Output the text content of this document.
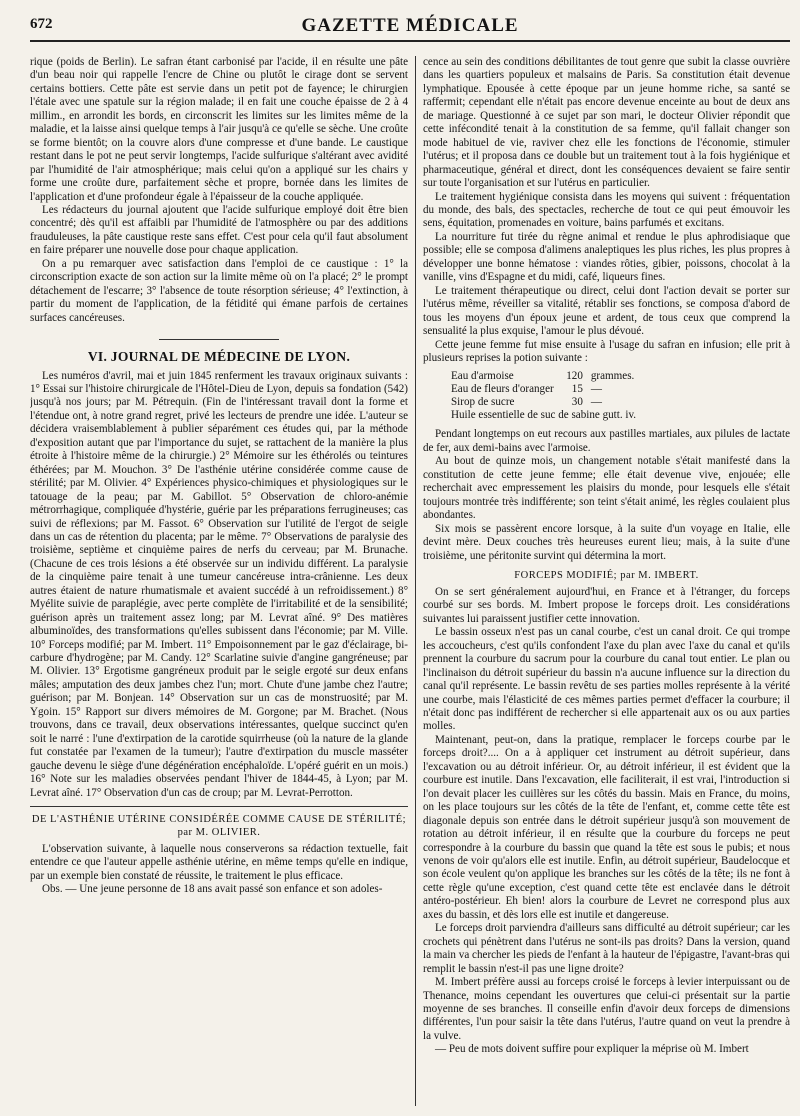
672	GAZETTE MÉDICALE

rique (poids de Berlin). Le safran étant carbonisé par l'acide, il en résulte une pâte d'un beau noir qui rappelle l'encre de Chine ou plutôt le cirage dont se servent certains bottiers. Cette pâte est servie dans un petit pot de fayence; le chirurgien l'étale avec une spatule sur la région malade; il en fait une couche épaisse de 2 à 4 millim., en arrondit les bords, en circonscrit les limites sur les limites même de la maladie, et la laisse ainsi quelque temps à l'air jusqu'à ce qu'elle se sèche. Une croûte se forme bientôt; on la couvre alors d'une compresse et d'une bande. Le caustique restant dans le pot ne peut servir longtemps, l'acide sulfurique s'altérant avec avidité par l'humidité de l'air atmosphérique; mais celui qu'on a appliqué sur les chairs y forme une croûte dure, parfaitement sèche et propre, bornée dans les limites de l'application et d'une profondeur égale à l'épaisseur de la couche appliquée.

Les rédacteurs du journal ajoutent que l'acide sulfurique employé doit être bien concentré; dès qu'il est affaibli par l'humidité de l'atmosphère ou par des additions frauduleuses, la pâte caustique reste sans effet. C'est pour cela qu'il faut absolument en faire préparer une nouvelle dose pour chaque application.

On a pu remarquer avec satisfaction dans l'emploi de ce caustique : 1° la circonscription exacte de son action sur la limite même où on l'a placé; 2° le prompt détachement de l'escarre; 3° l'absence de toute résorption sérieuse; 4° l'extinction, à partir du moment de l'application, de la fétidité qui émane parfois de certaines surfaces cancéreuses.

VI. JOURNAL DE MÉDECINE DE LYON.

Les numéros d'avril, mai et juin 1845 renferment les travaux originaux suivants : 1° Essai sur l'histoire chirurgicale de l'Hôtel-Dieu de Lyon, depuis sa fondation (542) jusqu'à nos jours; par M. Pétrequin. (Fin de l'intéressant travail dont la forme et l'étendue ont, à notre grand regret, privé les lecteurs de prendre une idée. L'auteur se décidera vraisemblablement à publier séparément ces études qui, par la méthode d'exposition autant que par l'importance du sujet, se rattachent de la manière la plus étroite à l'histoire même de la chirurgie.) 2° Mémoire sur les éthérolés ou teintures éthérées; par M. Mouchon. 3° De l'asthénie utérine considérée comme cause de stérilité; par M. Olivier. 4° Expériences physico-chimiques et physiologiques sur le tatouage de la peau; par M. Gabillot. 5° Observation de chloro-anémie métrorrhagique, compliquée d'hystérie, guérie par les préparations ferrugineuses; cas suivi de réflexions; par M. Fassot. 6° Observation sur l'utilité de l'ergot de seigle dans un cas de rétention du placenta; par le même. 7° Observations de paralysie des troisième, septième et cinquième paires de nerfs du cerveau; par M. Brunache. (Chacune de ces trois lésions a été observée sur un individu différent. La paralysie de la cinquième paire tenait à une tumeur cancéreuse intra-crânienne. Les deux autres étaient de nature rhumatismale et avaient succédé à un refroidissement.) 8° Myélite suivie de paraplégie, avec perte complète de l'irritabilité et de la sensibilité; guérison après un traitement assez long; par M. Levrat aîné. 9° Des matières albuminoïdes, des transformations qu'elles subissent dans l'économie; par M. Ville. 10° Forceps modifié; par M. Imbert. 11° Empoisonnement par le gaz d'éclairage, bi-carbure d'hydrogène; par M. Candy. 12° Scarlatine suivie d'angine gangréneuse; par M. Olivier. 13° Ergotisme gangréneux produit par le seigle ergoté sur deux enfans mâles; amputation des deux jambes chez l'un; mort. Chute d'une jambe chez l'autre; guérison; par M. Bonjean. 14° Observation sur un cas de monstruosité; par M. Ygoin. 15° Rapport sur divers mémoires de M. Gorgone; par M. Brachet. (Nous trouvons, dans ce travail, deux observations intéressantes, quelque succinct qu'en soit le narré : l'une d'extirpation de la carotide squirrheuse (où la nature de la glande fut constatée par l'examen de la tumeur); l'autre d'extirpation du muscle masséter gauche devenu le siège d'une dégénération encéphaloïde. L'opéré guérit en un mois.) 16° Note sur les maladies observées pendant l'hiver de 1844-45, à Lyon; par M. Levrat aîné. 17° Observation d'un cas de croup; par M. Levrat-Perrotton.

DE L'ASTHÉNIE UTÉRINE CONSIDÉRÉE COMME CAUSE DE STÉRILITÉ; par M. OLIVIER.

L'observation suivante, à laquelle nous conserverons sa rédaction textuelle, fait entendre ce que l'auteur appelle asthénie utérine, en même temps qu'elle en indique, par un exemple bien constaté de réussite, le traitement le plus efficace.

Obs. — Une jeune personne de 18 ans avait passé son enfance et son adoles-

cence au sein des conditions débilitantes de tout genre que subit la classe ouvrière dans les quartiers populeux et malsains de Paris. Sa constitution était devenue lymphatique. Epousée à cette époque par un jeune homme riche, sa santé se raffermit; cependant elle n'était pas encore devenue enceinte au bout de deux ans de mariage. Questionné à ce sujet par son mari, le docteur Olivier répondit que cette infécondité tenait à la constitution de sa femme, qu'il fallait changer son mode habituel de vie, raviver chez elle les fonctions de l'économie, stimuler l'utérus; et il proposa dans ce double but un traitement tout à la fois hygiénique et pharmaceutique, général et direct, dont les conséquences devaient se faire sentir sur toute l'organisation et sur l'utérus en particulier.

Le traitement hygiénique consista dans les moyens qui suivent : fréquentation du monde, des bals, des spectacles, recherche de tout ce qui peut émouvoir les sens, équitation, promenades en voiture, bains parfumés et excitans.

La nourriture fut tirée du règne animal et rendue le plus aphrodisiaque que possible; elle se composa d'alimens analeptiques les plus riches, les plus propres à développer une bonne hématose : viandes rôties, gibier, poissons, chocolat à la vanille, vins d'Espagne et du midi, café, liqueurs fines.

Le traitement thérapeutique ou direct, celui dont l'action devait se porter sur l'utérus même, réveiller sa vitalité, rétablir ses fonctions, se composa d'abord de tous les moyens d'un époux jeune et ardent, de tous ceux que comprend la sensualité la plus exquise, l'amour le plus dévoué.

Cette jeune femme fut mise ensuite à l'usage du safran en infusion; elle prit à plusieurs reprises la potion suivante :

Eau d'armoise	120	grammes.
Eau de fleurs d'oranger	15	—
Sirop de sucre	30	—
Huile essentielle de suc de sabine gutt. iv.		

Pendant longtemps on eut recours aux pastilles martiales, aux pilules de lactate de fer, aux demi-bains avec l'armoise.

Au bout de quinze mois, un changement notable s'était manifesté dans la constitution de cette jeune femme; elle était devenue vive, enjouée; elle recherchait avec empressement les plaisirs du monde, pour lesquels elle s'était toujours montrée très indifférente; son teint s'était animé, les règles coulaient plus abondantes.

Six mois se passèrent encore lorsque, à la suite d'un voyage en Italie, elle devint mère. Deux couches très heureuses eurent lieu; mais, à la suite d'une troisième, une péritonite survint qui détermina la mort.

FORCEPS MODIFIÉ; par M. IMBERT.

On se sert généralement aujourd'hui, en France et à l'étranger, du forceps courbé sur ses bords. M. Imbert propose le forceps droit. Les considérations suivantes lui paraissent justifier cette innovation.

Le bassin osseux n'est pas un canal courbe, c'est un canal droit. Ce qui trompe les accoucheurs, c'est qu'ils confondent l'axe du plan avec l'axe du canal et qu'ils prennent la courbure du sacrum pour la courbure du canal tout entier. Le plan ou l'inclinaison du détroit supérieur du bassin n'a aucune influence sur la direction du canal qu'il représente. Le bassin revêtu de ses parties molles représente à la vérité une courbe, mais l'élasticité de ces mêmes parties permet d'effacer la courbure; il n'était donc pas indifférent de rechercher si elle appartenait aux os ou aux parties molles.

Maintenant, peut-on, dans la pratique, remplacer le forceps courbe par le forceps droit?.... On a à appliquer cet instrument au détroit supérieur, dans l'excavation ou au détroit inférieur. Or, au détroit inférieur, il est évident que la courbure est inutile. Dans l'excavation, elle faciliterait, il est vrai, l'introduction si l'on devait placer les cuillères sur les côtés du bassin. Mais en France, du moins, on les place toujours sur les côtés de la tête de l'enfant, et, comme cette tête est diagonale depuis son entrée dans le détroit supérieur jusqu'à son mouvement de rotation au détroit inférieur, il en résulte que la courbure du forceps ne peut correspondre à la courbure du bassin que quand la tête est sous le pubis; et nous venons de voir qu'alors elle est inutile. Enfin, au détroit supérieur, Baudelocque et son école veulent qu'on applique les branches sur les côtés de la tête; ils ne font à cette règle qu'une exception, c'est quand cette tête est enclavée dans le détroit antéro-postérieur. Eh bien! alors la courbure de Levret ne correspond plus aux axes du bassin, et dès lors elle est inutile et dangereuse.

Le forceps droit parviendra d'ailleurs sans difficulté au détroit supérieur; car les crochets qui pénètrent dans l'utérus ne sont-ils pas droits? Dans la version, quand la main va chercher les pieds de l'enfant à la hauteur de l'épigastre, l'avant-bras qui remplit le bassin n'est-il pas une ligne droite?

M. Imbert préfère aussi au forceps croisé le forceps à levier interpuissant ou de Thenance, moins cependant les ouvertures que celui-ci présentait sur la partie moyenne de ses branches. Il conseille enfin d'avoir deux forceps de dimensions différentes, l'un pour saisir la tête dans l'utérus, l'autre quand on veut la prendre à la vulve.

— Peu de mots doivent suffire pour expliquer la méprise où M. Imbert
